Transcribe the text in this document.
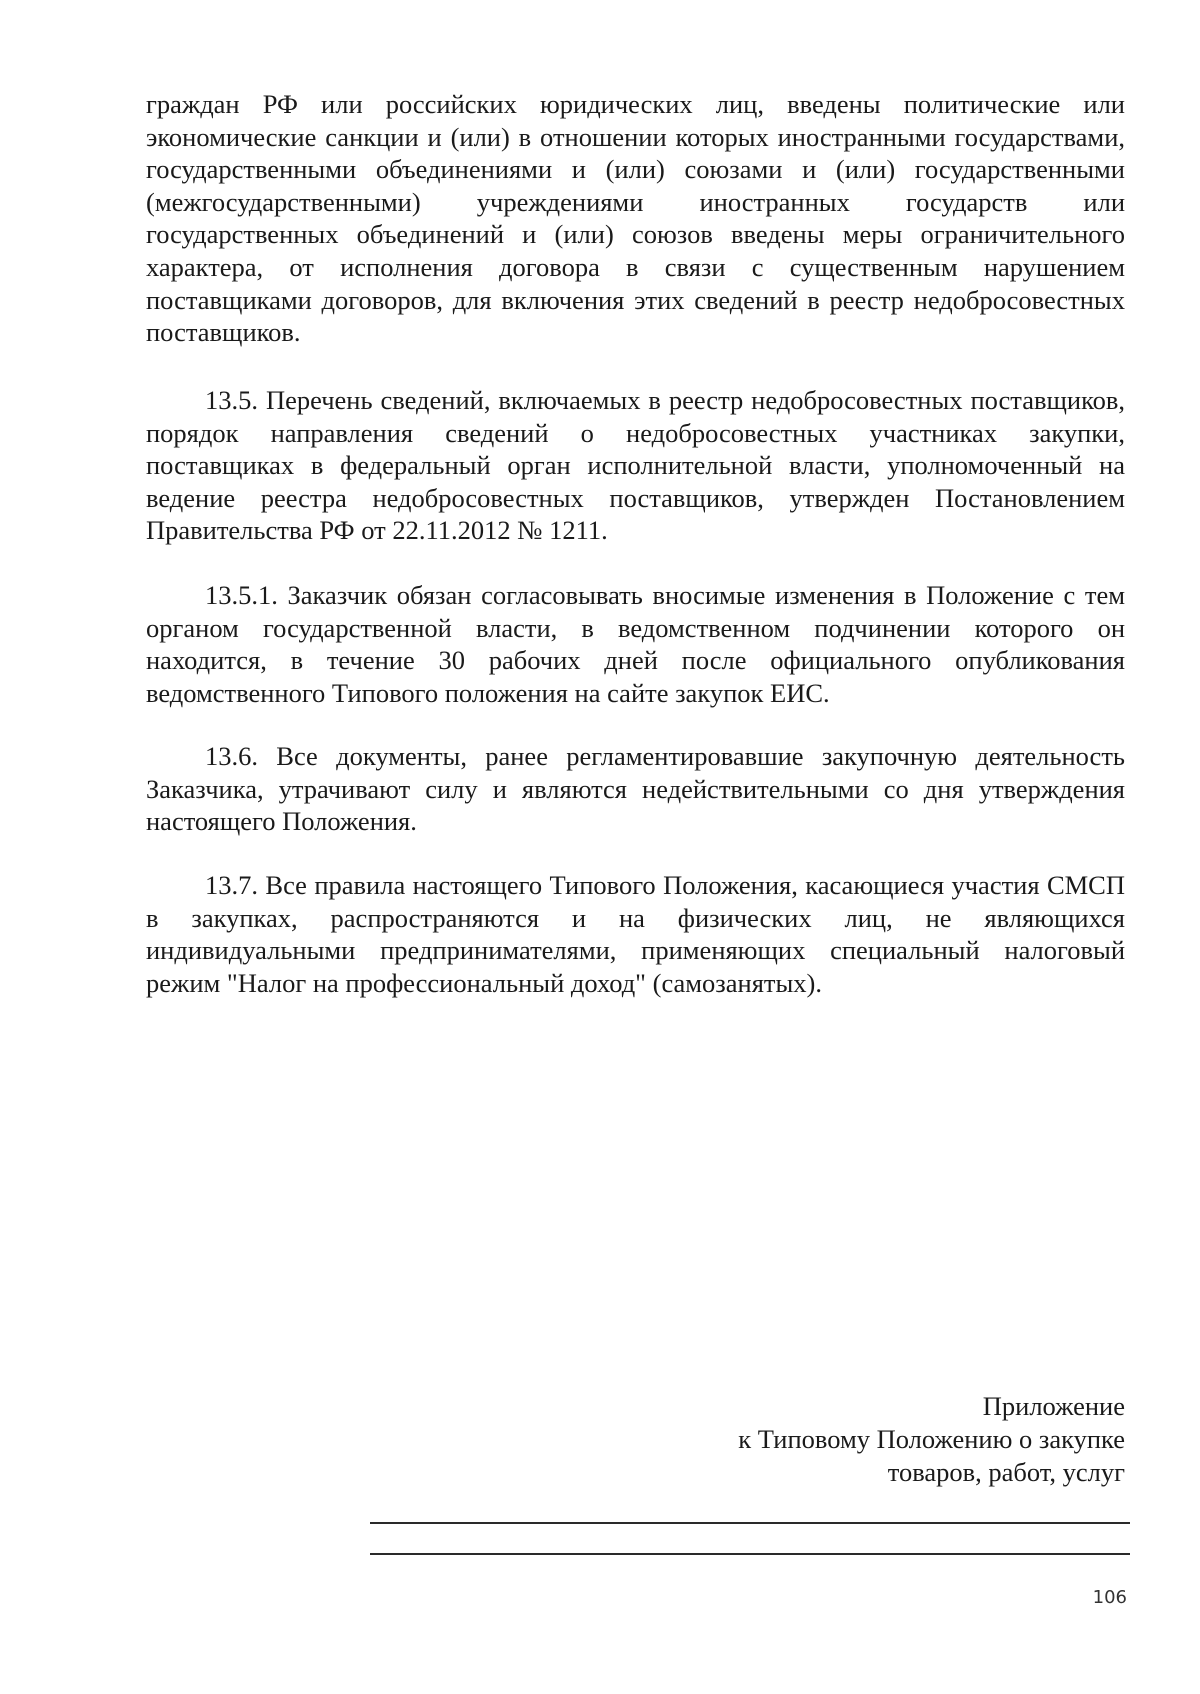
граждан РФ или российских юридических лиц, введены политические или экономические санкции и (или) в отношении которых иностранными государствами, государственными объединениями и (или) союзами и (или) государственными (межгосударственными) учреждениями иностранных государств или государственных объединений и (или) союзов введены меры ограничительного характера, от исполнения договора в связи с существенным нарушением поставщиками договоров, для включения этих сведений в реестр недобросовестных поставщиков.

13.5. Перечень сведений, включаемых в реестр недобросовестных поставщиков, порядок направления сведений о недобросовестных участниках закупки, поставщиках в федеральный орган исполнительной власти, уполномоченный на ведение реестра недобросовестных поставщиков, утвержден Постановлением Правительства РФ от 22.11.2012 № 1211.

13.5.1. Заказчик обязан согласовывать вносимые изменения в Положение с тем органом государственной власти, в ведомственном подчинении которого он находится, в течение 30 рабочих дней после официального опубликования ведомственного Типового положения на сайте закупок ЕИС.

13.6. Все документы, ранее регламентировавшие закупочную деятельность Заказчика, утрачивают силу и являются недействительными со дня утверждения настоящего Положения.

13.7. Все правила настоящего Типового Положения, касающиеся участия СМСП в закупках, распространяются и на физических лиц, не являющихся индивидуальными предпринимателями, применяющих специальный налоговый режим "Налог на профессиональный доход" (самозанятых).

Приложение
к Типовому Положению о закупке
товаров, работ, услуг
106
